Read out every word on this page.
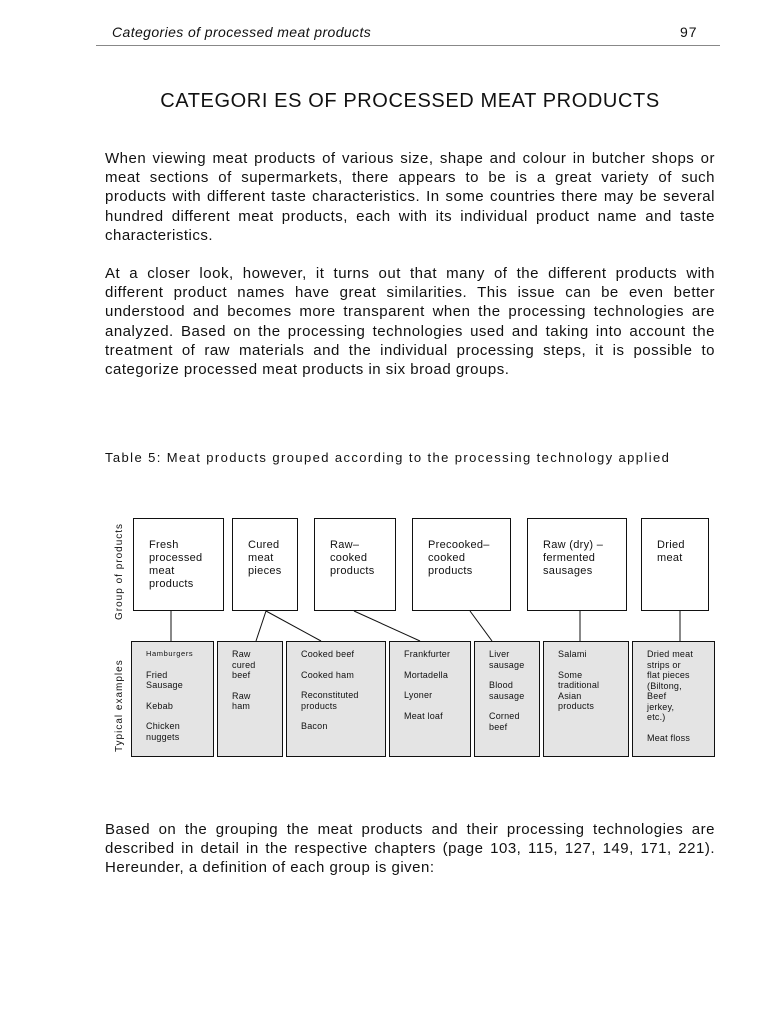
Categories of processed meat products	97
CATEGORI ES OF PROCESSED MEAT PRODUCTS
When viewing meat products of various size, shape and colour in butcher shops or meat sections of supermarkets, there appears to be is a great variety of such products with different taste characteristics. In some countries there may be several hundred different meat products, each with its individual product name and taste characteristics.
At a closer look, however, it turns out that many of the different products with different product names have great similarities. This issue can be even better understood and becomes more transparent when the processing technologies are analyzed. Based on the processing technologies used and taking into account the treatment of raw materials and the individual processing steps, it is possible to categorize processed meat products in six broad groups.
Table 5: Meat products grouped according to the processing technology applied
Group of products
Typical examples
Fresh
processed
meat
products
Cured
meat
pieces
Raw–
cooked
products
Precooked–
cooked
products
Raw (dry) –
fermented
sausages
Dried
meat

Hamburgers

Fried
Sausage

Kebab

Chicken
nuggets

Raw
cured
beef

Raw
ham

Cooked beef

Cooked ham

Reconstituted
products

Bacon

Frankfurter

Mortadella

Lyoner

Meat loaf

Liver
sausage

Blood
sausage

Corned
beef

Salami

Some
traditional
Asian
products

Dried meat
strips or
flat pieces
(Biltong,
Beef
jerkey,
etc.)

Meat floss

Based on the grouping the meat products and their processing technologies are described in detail in the respective chapters (page 103, 115, 127, 149, 171, 221). Hereunder, a definition of each group is given:
